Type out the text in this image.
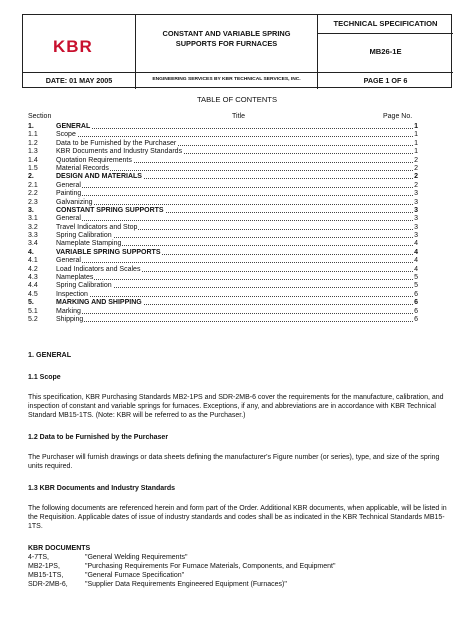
KBR
CONSTANT AND VARIABLE SPRING
SUPPORTS FOR FURNACES
TECHNICAL SPECIFICATION
MB26-1E
DATE: 01 MAY 2005	ENGINEERING SERVICES BY KBR TECHNICAL SERVICES, INC.	PAGE 1 OF 6
TABLE OF CONTENTS
Section	Title	Page No.
1.	GENERAL	1
1.1	Scope	1
1.2	Data to be Furnished by the Purchaser	1
1.3	KBR Documents and Industry Standards	1
1.4	Quotation Requirements	2
1.5	Material Records	2
2.	DESIGN AND MATERIALS	2
2.1	General	2
2.2	Painting	3
2.3	Galvanizing	3
3.	CONSTANT SPRING SUPPORTS	3
3.1	General	3
3.2	Travel Indicators and Stop	3
3.3	Spring Calibration	3
3.4	Nameplate Stamping	4
4.	VARIABLE SPRING SUPPORTS	4
4.1	General	4
4.2	Load Indicators and Scales	4
4.3	Nameplates	5
4.4	Spring Calibration	5
4.5	Inspection	6
5.	MARKING AND SHIPPING	6
5.1	Marking	6
5.2	Shipping	6
1. GENERAL
1.1 Scope
This specification, KBR Purchasing Standards MB2-1PS and SDR-2MB-6 cover the requirements for the manufacture, calibration, and inspection of constant and variable springs for furnaces. Exceptions, if any, and abbreviations are in accordance with KBR Technical Standard MB15-1TS. (Note: KBR will be referred to as the Purchaser.)
1.2 Data to be Furnished by the Purchaser
The Purchaser will furnish drawings or data sheets defining the manufacturer's Figure number (or series), type, and size of the spring units required.
1.3 KBR Documents and Industry Standards
The following documents are referenced herein and form part of the Order. Additional KBR documents, when applicable, will be listed in the Requisition. Applicable dates of issue of industry standards and codes shall be as indicated in the KBR Technical Standards MB15-1TS.
KBR DOCUMENTS
4-7TS,	"General Welding Requirements"
MB2-1PS,	"Purchasing Requirements For Furnace Materials, Components, and Equipment"
MB15-1TS,	"General Furnace Specification"
SDR-2MB-6, "Supplier Data Requirements Engineered Equipment (Furnaces)"
